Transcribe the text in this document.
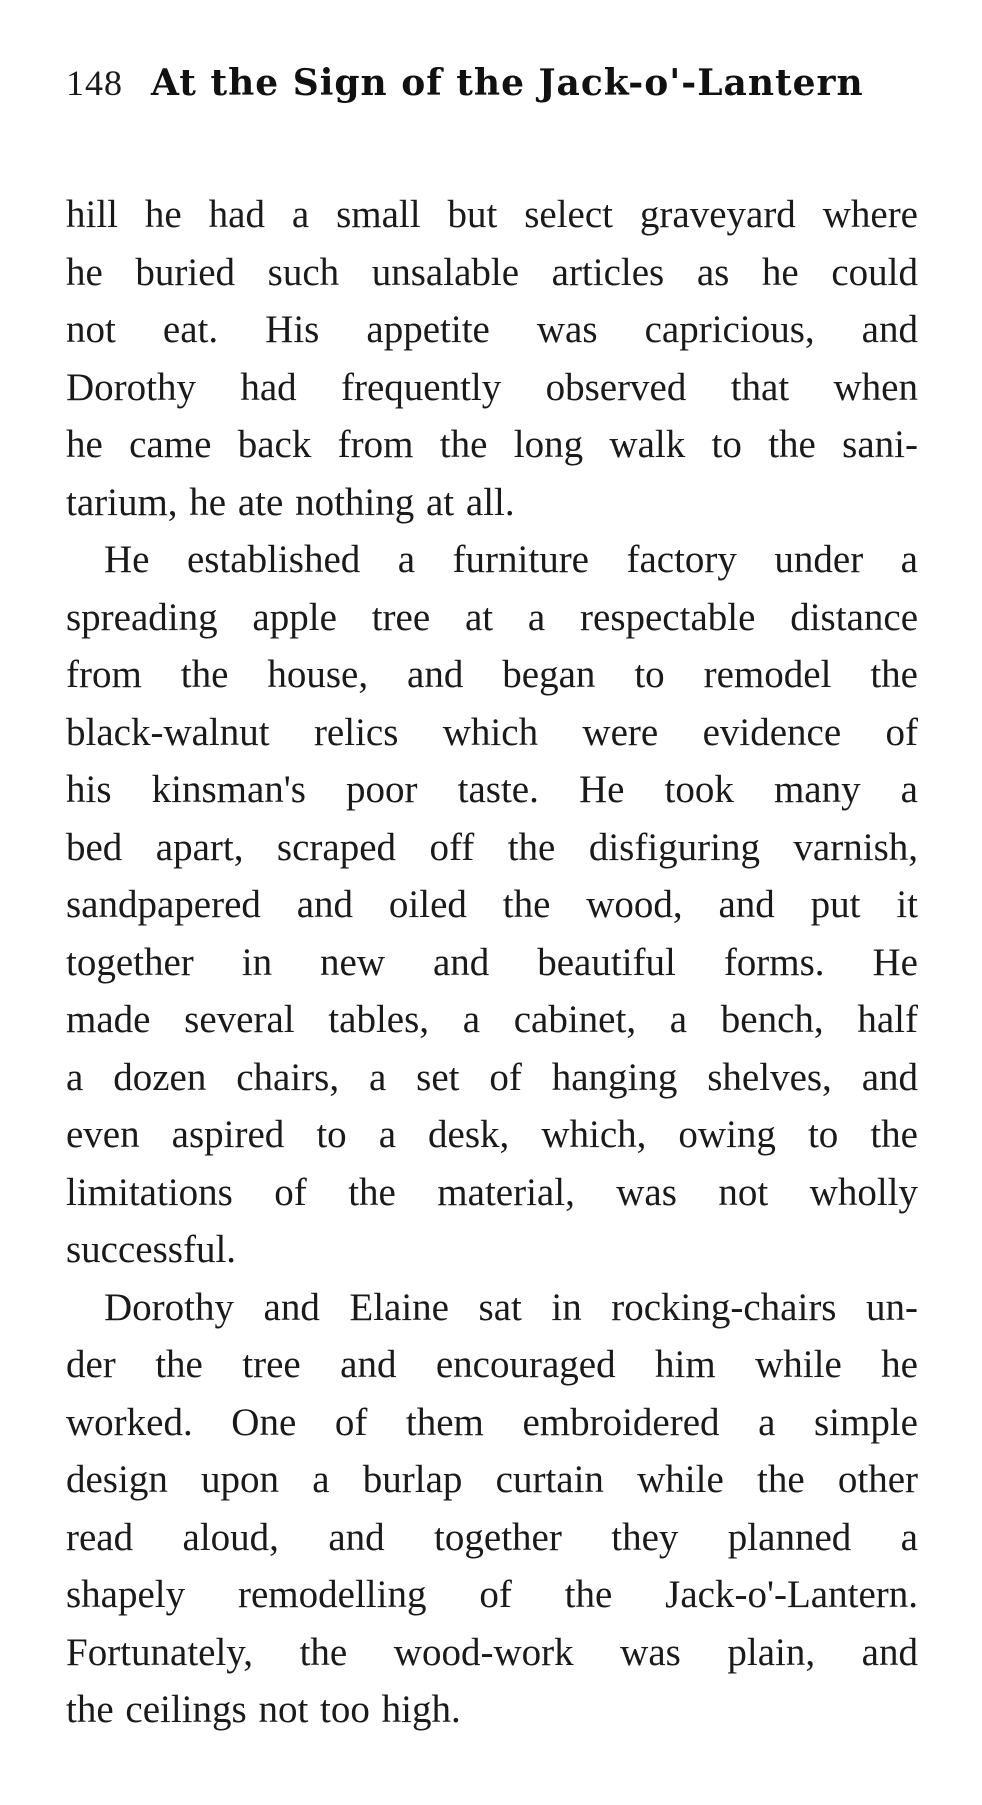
148 At the Sign of the Jack-o'-Lantern
hill he had a small but select graveyard where
he buried such unsalable articles as he could
not eat. His appetite was capricious, and
Dorothy had frequently observed that when
he came back from the long walk to the sani-
tarium, he ate nothing at all.
He established a furniture factory under a
spreading apple tree at a respectable distance
from the house, and began to remodel the
black-walnut relics which were evidence of
his kinsman's poor taste. He took many a
bed apart, scraped off the disfiguring varnish,
sandpapered and oiled the wood, and put it
together in new and beautiful forms. He
made several tables, a cabinet, a bench, half
a dozen chairs, a set of hanging shelves, and
even aspired to a desk, which, owing to the
limitations of the material, was not wholly
successful.
Dorothy and Elaine sat in rocking-chairs un-
der the tree and encouraged him while he
worked. One of them embroidered a simple
design upon a burlap curtain while the other
read aloud, and together they planned a
shapely remodelling of the Jack-o'-Lantern.
Fortunately, the wood-work was plain, and
the ceilings not too high.
